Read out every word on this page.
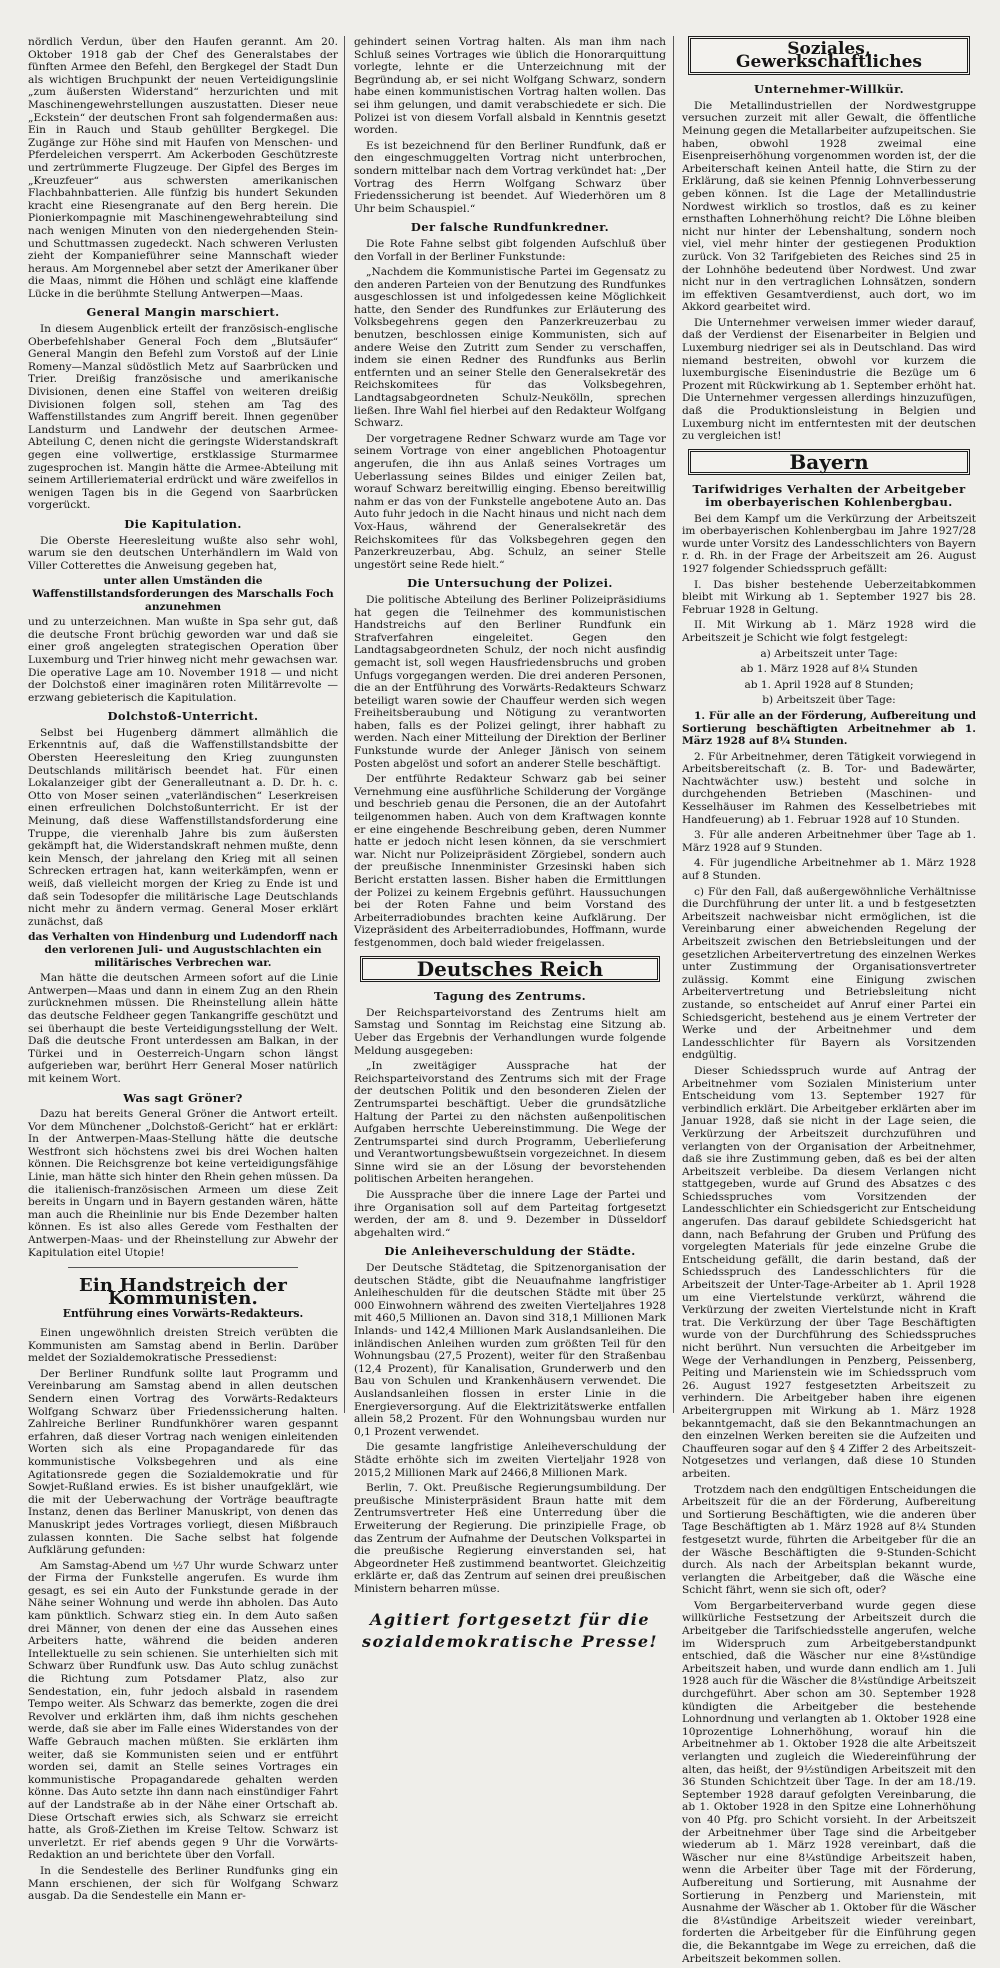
nördlich Verdun, über den Haufen gerannt. Am 20. Oktober 1918 gab der Chef des Generalstabes der fünften Armee den Befehl, den Bergkegel der Stadt Dun als wichtigen Bruchpunkt der neuen Verteidigungslinie „zum äußersten Widerstand“ herzurichten und mit Maschinengewehrstellungen auszustatten. Dieser neue „Eckstein“ der deutschen Front sah folgendermaßen aus: Ein in Rauch und Staub gehüllter Bergkegel. Die Zugänge zur Höhe sind mit Haufen von Menschen- und Pferdeleichen versperrt. Am Ackerboden Geschützreste und zertrümmerte Flugzeuge. Der Gipfel des Berges im „Kreuzfeuer“ aus schwersten amerikanischen Flachbahnbatterien. Alle fünfzig bis hundert Sekunden kracht eine Riesengranate auf den Berg herein. Die Pionierkompagnie mit Maschinengewehrabteilung sind nach wenigen Minuten von den niedergehenden Stein- und Schuttmassen zugedeckt. Nach schweren Verlusten zieht der Kompanieführer seine Mannschaft wieder heraus. Am Morgennebel aber setzt der Amerikaner über die Maas, nimmt die Höhen und schlägt eine klaffende Lücke in die berühmte Stellung Antwerpen—Maas.

General Mangin marschiert.

In diesem Augenblick erteilt der französisch-englische Oberbefehlshaber General Foch dem „Blutsäufer“ General Mangin den Befehl zum Vorstoß auf der Linie Romeny—Manzal südöstlich Metz auf Saarbrücken und Trier. Dreißig französische und amerikanische Divisionen, denen eine Staffel von weiteren dreißig Divisionen folgen soll, stehen am Tag des Waffenstillstandes zum Angriff bereit. Ihnen gegenüber Landsturm und Landwehr der deutschen Armee-Abteilung C, denen nicht die geringste Widerstandskraft gegen eine vollwertige, erstklassige Sturmarmee zugesprochen ist. Mangin hätte die Armee-Abteilung mit seinem Artilleriematerial erdrückt und wäre zweifellos in wenigen Tagen bis in die Gegend von Saarbrücken vorgerückt.

Die Kapitulation.

Die Oberste Heeresleitung wußte also sehr wohl, warum sie den deutschen Unterhändlern im Wald von Viller Cotterettes die Anweisung gegeben hat,

unter allen Umständen die Waffenstillstandsforderungen des Marschalls Foch anzunehmen

und zu unterzeichnen. Man wußte in Spa sehr gut, daß die deutsche Front brüchig geworden war und daß sie einer groß angelegten strategischen Operation über Luxemburg und Trier hinweg nicht mehr gewachsen war. Die operative Lage am 10. November 1918 — und nicht der Dolchstoß einer imaginären roten Militärrevolte — erzwang gebieterisch die Kapitulation.

Dolchstoß-Unterricht.

Selbst bei Hugenberg dämmert allmählich die Erkenntnis auf, daß die Waffenstillstandsbitte der Obersten Heeresleitung den Krieg zuungunsten Deutschlands militärisch beendet hat. Für einen Lokalanzeiger gibt der Generalleutnant a. D. Dr. h. c. Otto von Moser seinen „vaterländischen“ Leserkreisen einen erfreulichen Dolchstoßunterricht. Er ist der Meinung, daß diese Waffenstillstandsforderung eine Truppe, die vierenhalb Jahre bis zum äußersten gekämpft hat, die Widerstandskraft nehmen mußte, denn kein Mensch, der jahrelang den Krieg mit all seinen Schrecken ertragen hat, kann weiterkämpfen, wenn er weiß, daß vielleicht morgen der Krieg zu Ende ist und daß sein Todesopfer die militärische Lage Deutschlands nicht mehr zu ändern vermag. General Moser erklärt zunächst, daß

das Verhalten von Hindenburg und Ludendorff nach den verlorenen Juli- und Augustschlachten ein militärisches Verbrechen war.

Man hätte die deutschen Armeen sofort auf die Linie Antwerpen—Maas und dann in einem Zug an den Rhein zurücknehmen müssen. Die Rheinstellung allein hätte das deutsche Feldheer gegen Tankangriffe geschützt und sei überhaupt die beste Verteidigungsstellung der Welt. Daß die deutsche Front unterdessen am Balkan, in der Türkei und in Oesterreich-Ungarn schon längst aufgerieben war, berührt Herr General Moser natürlich mit keinem Wort.

Was sagt Gröner?

Dazu hat bereits General Gröner die Antwort erteilt. Vor dem Münchener „Dolchstoß-Gericht“ hat er erklärt: In der Antwerpen-Maas-Stellung hätte die deutsche Westfront sich höchstens zwei bis drei Wochen halten können. Die Reichsgrenze bot keine verteidigungsfähige Linie, man hätte sich hinter den Rhein gehen müssen. Da die italienisch-französischen Armeen um diese Zeit bereits in Ungarn und in Bayern gestanden wären, hätte man auch die Rheinlinie nur bis Ende Dezember halten können. Es ist also alles Gerede vom Festhalten der Antwerpen-Maas- und der Rheinstellung zur Abwehr der Kapitulation eitel Utopie!

Ein Handstreich der Kommunisten.
Entführung eines Vorwärts-Redakteurs.

Einen ungewöhnlich dreisten Streich verübten die Kommunisten am Samstag abend in Berlin. Darüber meldet der Sozialdemokratische Pressedienst:

Der Berliner Rundfunk sollte laut Programm und Vereinbarung am Samstag abend in allen deutschen Sendern einen Vortrag des Vorwärts-Redakteurs Wolfgang Schwarz über Friedenssicherung halten. Zahlreiche Berliner Rundfunkhörer waren gespannt erfahren, daß dieser Vortrag nach wenigen einleitenden Worten sich als eine Propagandarede für das kommunistische Volksbegehren und als eine Agitationsrede gegen die Sozialdemokratie und für Sowjet-Rußland erwies. Es ist bisher unaufgeklärt, wie die mit der Ueberwachung der Vorträge beauftragte Instanz, denen das Berliner Manuskript, von denen das Manuskript jedes Vortrages vorliegt, diesen Mißbrauch zulassen konnten. Die Sache selbst hat folgende Aufklärung gefunden:

Am Samstag-Abend um ½7 Uhr wurde Schwarz unter der Firma der Funkstelle angerufen. Es wurde ihm gesagt, es sei ein Auto der Funkstunde gerade in der Nähe seiner Wohnung und werde ihn abholen. Das Auto kam pünktlich. Schwarz stieg ein. In dem Auto saßen drei Männer, von denen der eine das Aussehen eines Arbeiters hatte, während die beiden anderen Intellektuelle zu sein schienen. Sie unterhielten sich mit Schwarz über Rundfunk usw. Das Auto schlug zunächst die Richtung zum Potsdamer Platz, also zur Sendestation, ein, fuhr jedoch alsbald in rasendem Tempo weiter. Als Schwarz das bemerkte, zogen die drei Revolver und erklärten ihm, daß ihm nichts geschehen werde, daß sie aber im Falle eines Widerstandes von der Waffe Gebrauch machen müßten. Sie erklärten ihm weiter, daß sie Kommunisten seien und er entführt worden sei, damit an Stelle seines Vortrages ein kommunistische Propagandarede gehalten werden könne. Das Auto setzte ihn dann nach einstündiger Fahrt auf der Landstraße ab in der Nähe einer Ortschaft ab. Diese Ortschaft erwies sich, als Schwarz sie erreicht hatte, als Groß-Ziethen im Kreise Teltow. Schwarz ist unverletzt. Er rief abends gegen 9 Uhr die Vorwärts-Redaktion an und berichtete über den Vorfall.

In die Sendestelle des Berliner Rundfunks ging ein Mann erschienen, der sich für Wolfgang Schwarz ausgab. Da die Sendestelle ein Mann er-

gehindert seinen Vortrag halten. Als man ihm nach Schluß seines Vortrages wie üblich die Honorarquittung vorlegte, lehnte er die Unterzeichnung mit der Begründung ab, er sei nicht Wolfgang Schwarz, sondern habe einen kommunistischen Vortrag halten wollen. Das sei ihm gelungen, und damit verabschiedete er sich. Die Polizei ist von diesem Vorfall alsbald in Kenntnis gesetzt worden.

Es ist bezeichnend für den Berliner Rundfunk, daß er den eingeschmuggelten Vortrag nicht unterbrochen, sondern mittelbar nach dem Vortrag verkündet hat: „Der Vortrag des Herrn Wolfgang Schwarz über Friedenssicherung ist beendet. Auf Wiederhören um 8 Uhr beim Schauspiel.“

Der falsche Rundfunkredner.

Die Rote Fahne selbst gibt folgenden Aufschluß über den Vorfall in der Berliner Funkstunde:

„Nachdem die Kommunistische Partei im Gegensatz zu den anderen Parteien von der Benutzung des Rundfunkes ausgeschlossen ist und infolgedessen keine Möglichkeit hatte, den Sender des Rundfunkes zur Erläuterung des Volksbegehrens gegen den Panzerkreuzerbau zu benutzen, beschlossen einige Kommunisten, sich auf andere Weise den Zutritt zum Sender zu verschaffen, indem sie einen Redner des Rundfunks aus Berlin entfernten und an seiner Stelle den Generalsekretär des Reichskomitees für das Volksbegehren, Landtagsabgeordneten Schulz-Neukölln, sprechen ließen. Ihre Wahl fiel hierbei auf den Redakteur Wolfgang Schwarz.

Der vorgetragene Redner Schwarz wurde am Tage vor seinem Vortrage von einer angeblichen Photoagentur angerufen, die ihn aus Anlaß seines Vortrages um Ueberlassung seines Bildes und einiger Zeilen bat, worauf Schwarz bereitwillig einging. Ebenso bereitwillig nahm er das von der Funkstelle angebotene Auto an. Das Auto fuhr jedoch in die Nacht hinaus und nicht nach dem Vox-Haus, während der Generalsekretär des Reichskomitees für das Volksbegehren gegen den Panzerkreuzerbau, Abg. Schulz, an seiner Stelle ungestört seine Rede hielt.“

Die Untersuchung der Polizei.

Die politische Abteilung des Berliner Polizeipräsidiums hat gegen die Teilnehmer des kommunistischen Handstreichs auf den Berliner Rundfunk ein Strafverfahren eingeleitet. Gegen den Landtagsabgeordneten Schulz, der noch nicht ausfindig gemacht ist, soll wegen Hausfriedensbruchs und groben Unfugs vorgegangen werden. Die drei anderen Personen, die an der Entführung des Vorwärts-Redakteurs Schwarz beteiligt waren sowie der Chauffeur werden sich wegen Freiheitsberaubung und Nötigung zu verantworten haben, falls es der Polizei gelingt, ihrer habhaft zu werden. Nach einer Mitteilung der Direktion der Berliner Funkstunde wurde der Anleger Jänisch von seinem Posten abgelöst und sofort an anderer Stelle beschäftigt.

Der entführte Redakteur Schwarz gab bei seiner Vernehmung eine ausführliche Schilderung der Vorgänge und beschrieb genau die Personen, die an der Autofahrt teilgenommen haben. Auch von dem Kraftwagen konnte er eine eingehende Beschreibung geben, deren Nummer hatte er jedoch nicht lesen können, da sie verschmiert war. Nicht nur Polizeipräsident Zörgiebel, sondern auch der preußische Innenminister Grzesinski haben sich Bericht erstatten lassen. Bisher haben die Ermittlungen der Polizei zu keinem Ergebnis geführt. Haussuchungen bei der Roten Fahne und beim Vorstand des Arbeiterradiobundes brachten keine Aufklärung. Der Vizepräsident des Arbeiterradiobundes, Hoffmann, wurde festgenommen, doch bald wieder freigelassen.

Deutsches Reich
Tagung des Zentrums.

Der Reichsparteivorstand des Zentrums hielt am Samstag und Sonntag im Reichstag eine Sitzung ab. Ueber das Ergebnis der Verhandlungen wurde folgende Meldung ausgegeben:

„In zweitägiger Aussprache hat der Reichsparteivorstand des Zentrums sich mit der Frage der deutschen Politik und den besonderen Zielen der Zentrumspartei beschäftigt. Ueber die grundsätzliche Haltung der Partei zu den nächsten außenpolitischen Aufgaben herrschte Uebereinstimmung. Die Wege der Zentrumspartei sind durch Programm, Ueberlieferung und Verantwortungsbewußtsein vorgezeichnet. In diesem Sinne wird sie an der Lösung der bevorstehenden politischen Arbeiten herangehen.

Die Aussprache über die innere Lage der Partei und ihre Organisation soll auf dem Parteitag fortgesetzt werden, der am 8. und 9. Dezember in Düsseldorf abgehalten wird.“

Die Anleiheverschuldung der Städte.

Der Deutsche Städtetag, die Spitzenorganisation der deutschen Städte, gibt die Neuaufnahme langfristiger Anleiheschulden für die deutschen Städte mit über 25 000 Einwohnern während des zweiten Vierteljahres 1928 mit 460,5 Millionen an. Davon sind 318,1 Millionen Mark Inlands- und 142,4 Millionen Mark Auslandsanleihen. Die inländischen Anleihen wurden zum größten Teil für den Wohnungsbau (27,5 Prozent), weiter für den Straßenbau (12,4 Prozent), für Kanalisation, Grunderwerb und den Bau von Schulen und Krankenhäusern verwendet. Die Auslandsanleihen flossen in erster Linie in die Energieversorgung. Auf die Elektrizitätswerke entfallen allein 58,2 Prozent. Für den Wohnungsbau wurden nur 0,1 Prozent verwendet.

Die gesamte langfristige Anleiheverschuldung der Städte erhöhte sich im zweiten Vierteljahr 1928 von 2015,2 Millionen Mark auf 2466,8 Millionen Mark.

Berlin, 7. Okt. Preußische Regierungsumbildung. Der preußische Ministerpräsident Braun hatte mit dem Zentrumsvertreter Heß eine Unterredung über die Erweiterung der Regierung. Die prinzipielle Frage, ob das Zentrum der Aufnahme der Deutschen Volkspartei in die preußische Regierung einverstanden sei, hat Abgeordneter Heß zustimmend beantwortet. Gleichzeitig erklärte er, daß das Zentrum auf seinen drei preußischen Ministern beharren müsse.

Agitiert fortgesetzt für die sozialdemokratische Presse!
Soziales, Gewerkschaftliches
Unternehmer-Willkür.

Die Metallindustriellen der Nordwestgruppe versuchen zurzeit mit aller Gewalt, die öffentliche Meinung gegen die Metallarbeiter aufzupeitschen. Sie haben, obwohl 1928 zweimal eine Eisenpreiserhöhung vorgenommen worden ist, der die Arbeiterschaft keinen Anteil hatte, die Stirn zu der Erklärung, daß sie keinen Pfennig Lohnverbesserung geben können. Ist die Lage der Metallindustrie Nordwest wirklich so trostlos, daß es zu keiner ernsthaften Lohnerhöhung reicht? Die Löhne bleiben nicht nur hinter der Lebenshaltung, sondern noch viel, viel mehr hinter der gestiegenen Produktion zurück. Von 32 Tarifgebieten des Reiches sind 25 in der Lohnhöhe bedeutend über Nordwest. Und zwar nicht nur in den vertraglichen Lohnsätzen, sondern im effektiven Gesamtverdienst, auch dort, wo im Akkord gearbeitet wird.

Die Unternehmer verweisen immer wieder darauf, daß der Verdienst der Eisenarbeiter in Belgien und Luxemburg niedriger sei als in Deutschland. Das wird niemand bestreiten, obwohl vor kurzem die luxemburgische Eisenindustrie die Bezüge um 6 Prozent mit Rückwirkung ab 1. September erhöht hat. Die Unternehmer vergessen allerdings hinzuzufügen, daß die Produktionsleistung in Belgien und Luxemburg nicht im entferntesten mit der deutschen zu vergleichen ist!

Bayern
Tarifwidriges Verhalten der Arbeitgeber im oberbayerischen Kohlenbergbau.

Bei dem Kampf um die Verkürzung der Arbeitszeit im oberbayerischen Kohlenbergbau im Jahre 1927/28 wurde unter Vorsitz des Landesschlichters von Bayern r. d. Rh. in der Frage der Arbeitszeit am 26. August 1927 folgender Schiedsspruch gefällt:

I. Das bisher bestehende Ueberzeitabkommen bleibt mit Wirkung ab 1. September 1927 bis 28. Februar 1928 in Geltung.

II. Mit Wirkung ab 1. März 1928 wird die Arbeitszeit je Schicht wie folgt festgelegt:

a) Arbeitszeit unter Tage:

ab 1. März 1928 auf 8¼ Stunden

ab 1. April 1928 auf 8 Stunden;

b) Arbeitszeit über Tage:

1. Für alle an der Förderung, Aufbereitung und Sortierung beschäftigten Arbeitnehmer ab 1. März 1928 auf 8¼ Stunden.

2. Für Arbeitnehmer, deren Tätigkeit vorwiegend in Arbeitsbereitschaft (z. B. Tor- und Badewärter, Nachtwächter usw.) besteht und solche in durchgehenden Betrieben (Maschinen- und Kesselhäuser im Rahmen des Kesselbetriebes mit Handfeuerung) ab 1. Februar 1928 auf 10 Stunden.

3. Für alle anderen Arbeitnehmer über Tage ab 1. März 1928 auf 9 Stunden.

4. Für jugendliche Arbeitnehmer ab 1. März 1928 auf 8 Stunden.

c) Für den Fall, daß außergewöhnliche Verhältnisse die Durchführung der unter lit. a und b festgesetzten Arbeitszeit nachweisbar nicht ermöglichen, ist die Vereinbarung einer abweichenden Regelung der Arbeitszeit zwischen den Betriebsleitungen und der gesetzlichen Arbeitervertretung des einzelnen Werkes unter Zustimmung der Organisationsvertreter zulässig. Kommt eine Einigung zwischen Arbeitervertretung und Betriebsleitung nicht zustande, so entscheidet auf Anruf einer Partei ein Schiedsgericht, bestehend aus je einem Vertreter der Werke und der Arbeitnehmer und dem Landesschlichter für Bayern als Vorsitzenden endgültig.

Dieser Schiedsspruch wurde auf Antrag der Arbeitnehmer vom Sozialen Ministerium unter Entscheidung vom 13. September 1927 für verbindlich erklärt. Die Arbeitgeber erklärten aber im Januar 1928, daß sie nicht in der Lage seien, die Verkürzung der Arbeitszeit durchzuführen und verlangten von der Organisation der Arbeitnehmer, daß sie ihre Zustimmung geben, daß es bei der alten Arbeitszeit verbleibe. Da diesem Verlangen nicht stattgegeben, wurde auf Grund des Absatzes c des Schiedsspruches vom Vorsitzenden der Landesschlichter ein Schiedsgericht zur Entscheidung angerufen. Das darauf gebildete Schiedsgericht hat dann, nach Befahrung der Gruben und Prüfung des vorgelegten Materials für jede einzelne Grube die Entscheidung gefällt, die darin bestand, daß der Schiedsspruch des Landesschlichters für die Arbeitszeit der Unter-Tage-Arbeiter ab 1. April 1928 um eine Viertelstunde verkürzt, während die Verkürzung der zweiten Viertelstunde nicht in Kraft trat. Die Verkürzung der über Tage Beschäftigten wurde von der Durchführung des Schiedsspruches nicht berührt. Nun versuchten die Arbeitgeber im Wege der Verhandlungen in Penzberg, Peissenberg, Peiting und Marienstein wie im Schiedsspruch vom 26. August 1927 festgesetzten Arbeitszeit zu verhindern. Die Arbeitgeber haben ihre eigenen Arbeitergruppen mit Wirkung ab 1. März 1928 bekanntgemacht, daß sie den Bekanntmachungen an den einzelnen Werken bereiten sie die Aufzeiten und Chauffeuren sogar auf den § 4 Ziffer 2 des Arbeitszeit-Notgesetzes und verlangen, daß diese 10 Stunden arbeiten.

Trotzdem nach den endgültigen Entscheidungen die Arbeitszeit für die an der Förderung, Aufbereitung und Sortierung Beschäftigten, wie die anderen über Tage Beschäftigten ab 1. März 1928 auf 8¼ Stunden festgesetzt wurde, führten die Arbeitgeber für die an der Wäsche Beschäftigten die 9-Stunden-Schicht durch. Als nach der Arbeitsplan bekannt wurde, verlangten die Arbeitgeber, daß die Wäsche eine Schicht fährt, wenn sie sich oft, oder?

Vom Bergarbeiterverband wurde gegen diese willkürliche Festsetzung der Arbeitszeit durch die Arbeitgeber die Tarifschiedsstelle angerufen, welche im Widerspruch zum Arbeitgeberstandpunkt entschied, daß die Wäscher nur eine 8¼stündige Arbeitszeit haben, und wurde dann endlich am 1. Juli 1928 auch für die Wäscher die 8¼stündige Arbeitszeit durchgeführt. Aber schon am 30. September 1928 kündigten die Arbeitgeber die bestehende Lohnordnung und verlangten ab 1. Oktober 1928 eine 10prozentige Lohnerhöhung, worauf hin die Arbeitnehmer ab 1. Oktober 1928 die alte Arbeitszeit verlangten und zugleich die Wiedereinführung der alten, das heißt, der 9½stündigen Arbeitszeit mit den 36 Stunden Schichtzeit über Tage. In der am 18./19. September 1928 darauf gefolgten Vereinbarung, die ab 1. Oktober 1928 in den Spitze eine Lohnerhöhung von 40 Pfg. pro Schicht vorsieht. In der Arbeitszeit der Arbeitnehmer über Tage sind die Arbeitgeber wiederum ab 1. März 1928 vereinbart, daß die Wäscher nur eine 8¼stündige Arbeitszeit haben, wenn die Arbeiter über Tage mit der Förderung, Aufbereitung und Sortierung, mit Ausnahme der Sortierung in Penzberg und Marienstein, mit Ausnahme der Wäscher ab 1. Oktober für die Wäscher die 8¼stündige Arbeitszeit wieder vereinbart, forderten die Arbeitgeber für die Einführung gegen die, die Bekanntgabe im Wege zu erreichen, daß die Arbeitszeit bekommen sollen.
